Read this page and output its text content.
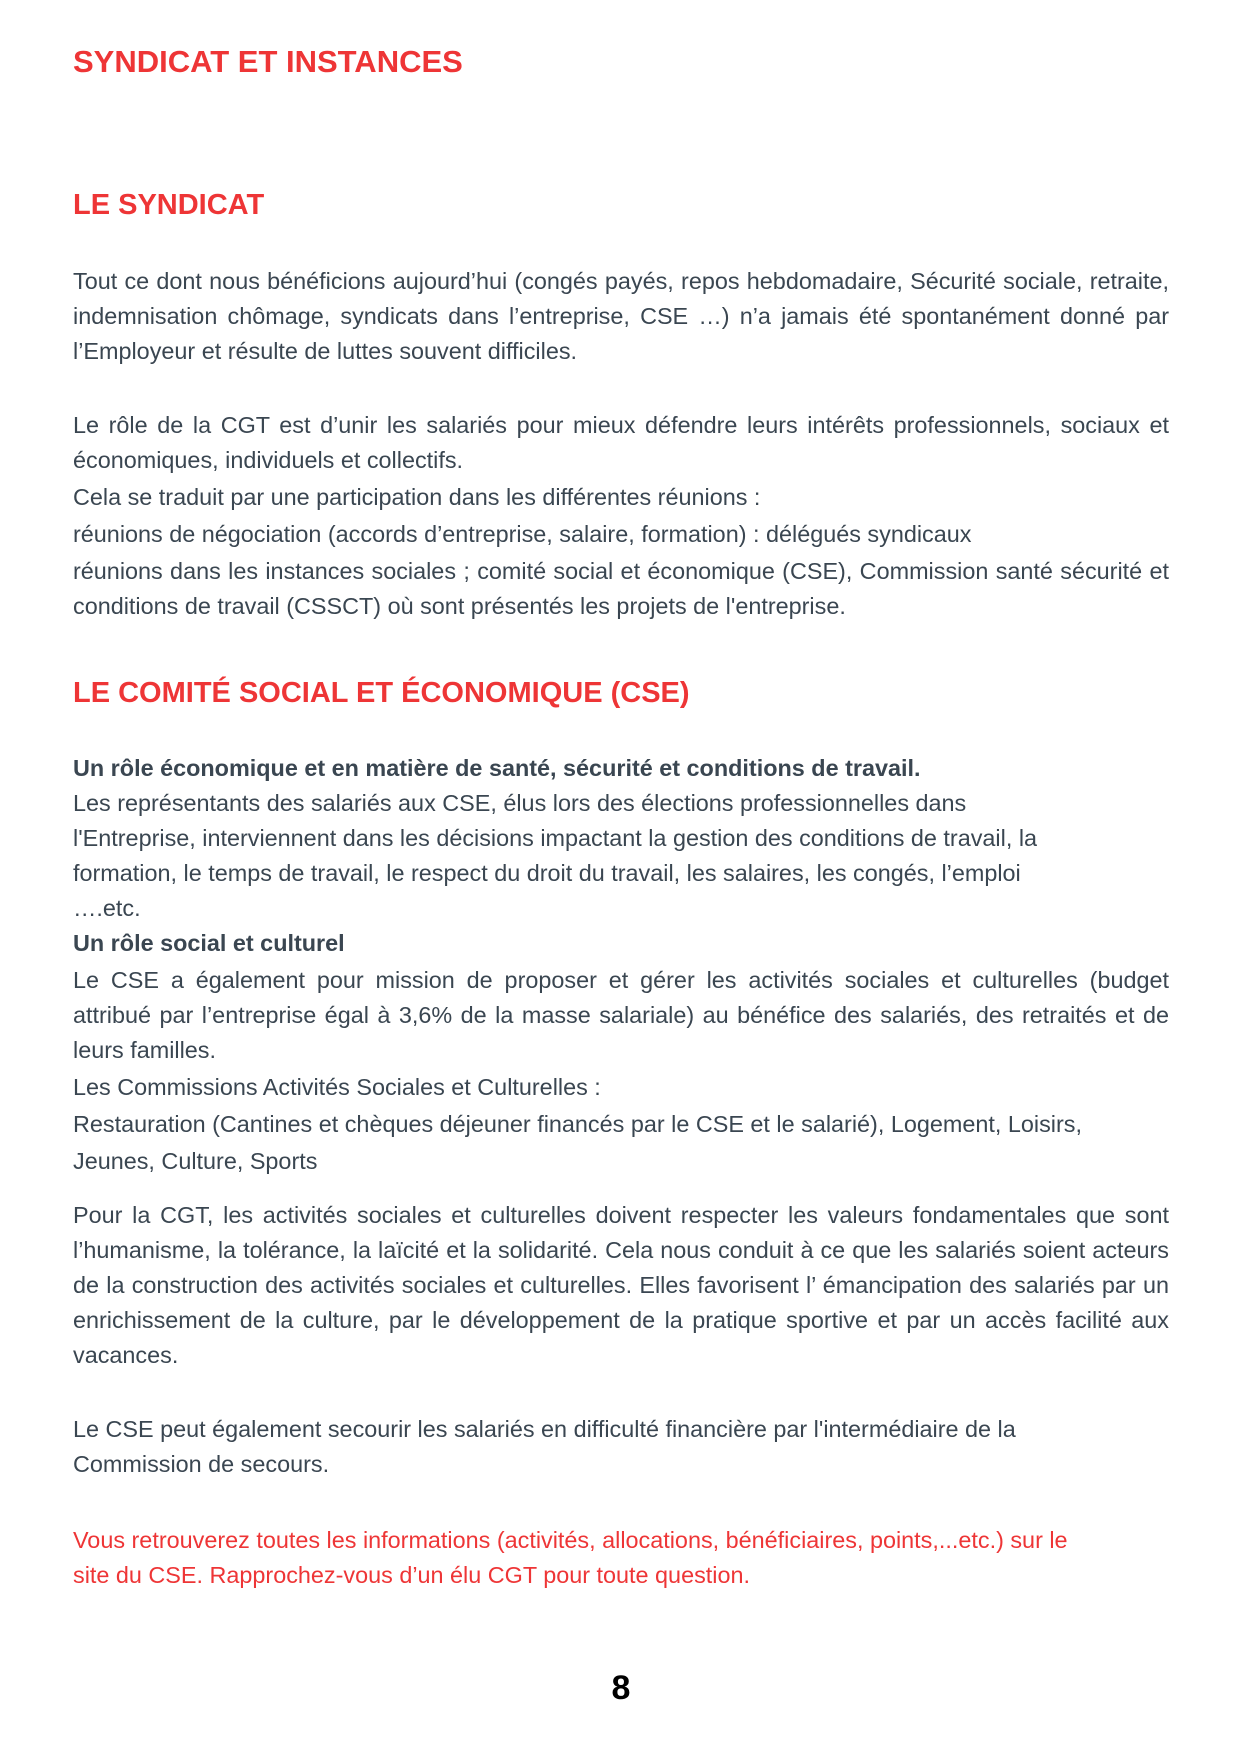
SYNDICAT ET INSTANCES
LE SYNDICAT

Tout ce dont nous bénéficions aujourd’hui (congés payés, repos hebdomadaire, Sécurité sociale, retraite, indemnisation chômage, syndicats dans l’entreprise, CSE …) n’a jamais été spontanément donné par l’Employeur et résulte de luttes souvent difficiles.

Le rôle de la CGT est d’unir les salariés pour mieux défendre leurs intérêts professionnels, sociaux et économiques, individuels et collectifs.

Cela se traduit par une participation dans les différentes réunions :

réunions de négociation (accords d’entreprise, salaire, formation) : délégués syndicaux

réunions dans les instances sociales ; comité social et économique (CSE), Commission santé sécurité et conditions de travail (CSSCT) où sont présentés les projets de l'entreprise.

LE COMITÉ SOCIAL ET ÉCONOMIQUE (CSE)

Un rôle économique et en matière de santé, sécurité et conditions de travail.

Les représentants des salariés aux CSE, élus lors des élections professionnelles dans

l'Entreprise, interviennent dans les décisions impactant la gestion des conditions de travail, la

formation, le temps de travail, le respect du droit du travail, les salaires, les congés, l’emploi

….etc.

Un rôle social et culturel

Le CSE a également pour mission de proposer et gérer les activités sociales et culturelles (budget attribué par l’entreprise égal à 3,6% de la masse salariale) au bénéfice des salariés, des retraités et de leurs familles.

Les Commissions Activités Sociales et Culturelles :

Restauration (Cantines et chèques déjeuner financés par le CSE et le salarié), Logement, Loisirs,

Jeunes, Culture, Sports

Pour la CGT, les activités sociales et culturelles doivent respecter les valeurs fondamentales que sont l’humanisme, la tolérance, la laïcité et la solidarité. Cela nous conduit à ce que les salariés soient acteurs de la construction des activités sociales et culturelles. Elles favorisent l’ émancipation des salariés par un enrichissement de la culture, par le développement de la pratique sportive et par un accès facilité aux vacances.

Le CSE peut également secourir les salariés en difficulté financière par l'intermédiaire de la

Commission de secours.

Vous retrouverez toutes les informations (activités, allocations, bénéficiaires, points,...etc.) sur le

site du CSE. Rapprochez-vous d’un élu CGT pour toute question.

8
